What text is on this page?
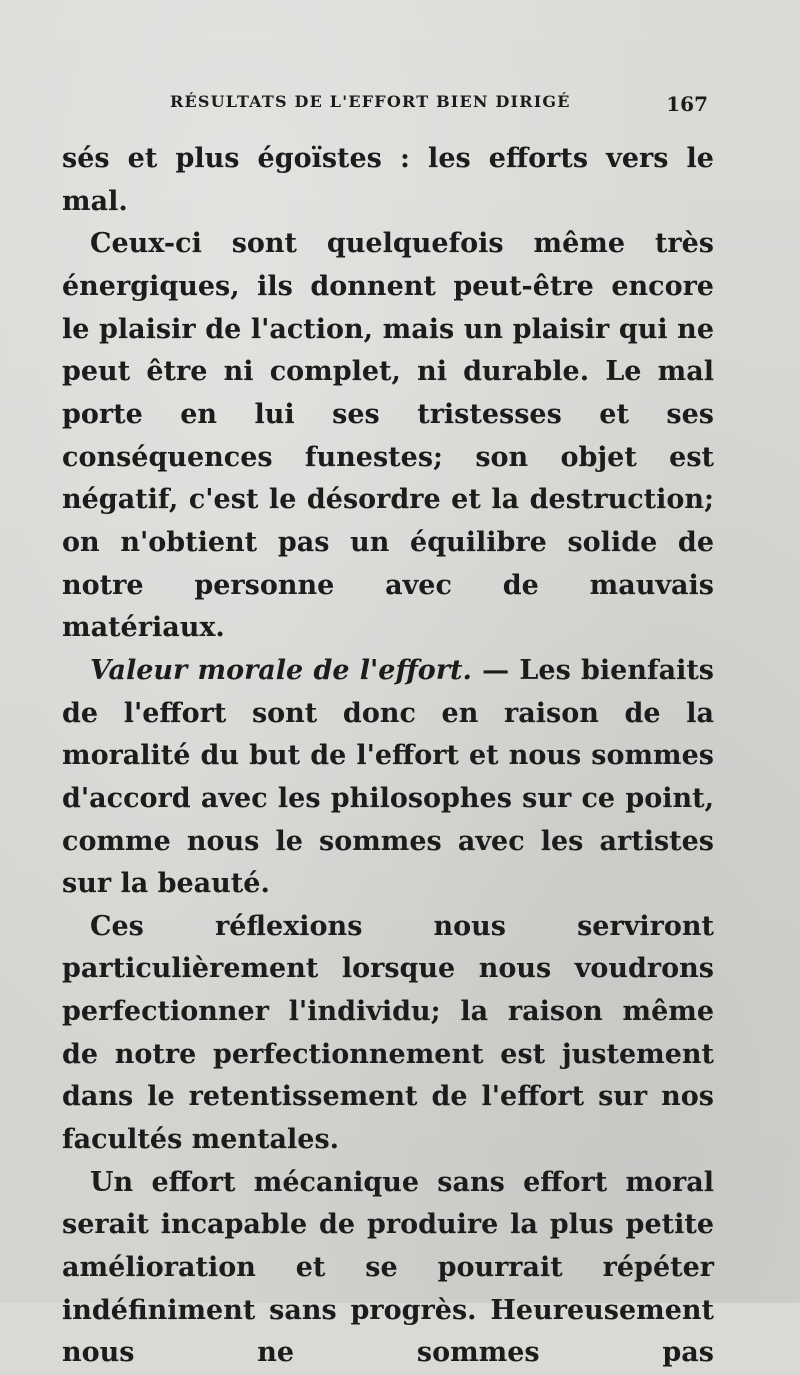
RÉSULTATS DE L'EFFORT BIEN DIRIGÉ	167

sés et plus égoïstes : les efforts vers le mal.

Ceux-ci sont quelquefois même très énergiques, ils donnent peut-être encore le plaisir de l'action, mais un plaisir qui ne peut être ni complet, ni durable. Le mal porte en lui ses tristesses et ses conséquences funestes; son objet est négatif, c'est le désordre et la destruction; on n'obtient pas un équilibre solide de notre personne avec de mauvais matériaux.

Valeur morale de l'effort. — Les bienfaits de l'effort sont donc en raison de la moralité du but de l'effort et nous sommes d'accord avec les philosophes sur ce point, comme nous le sommes avec les artistes sur la beauté.

Ces réflexions nous serviront particulièrement lorsque nous voudrons perfectionner l'individu; la raison même de notre perfectionnement est justement dans le retentissement de l'effort sur nos facultés mentales.

Un effort mécanique sans effort moral serait incapable de produire la plus petite amélioration et se pourrait répéter indéfiniment sans progrès. Heureusement nous ne sommes pas
